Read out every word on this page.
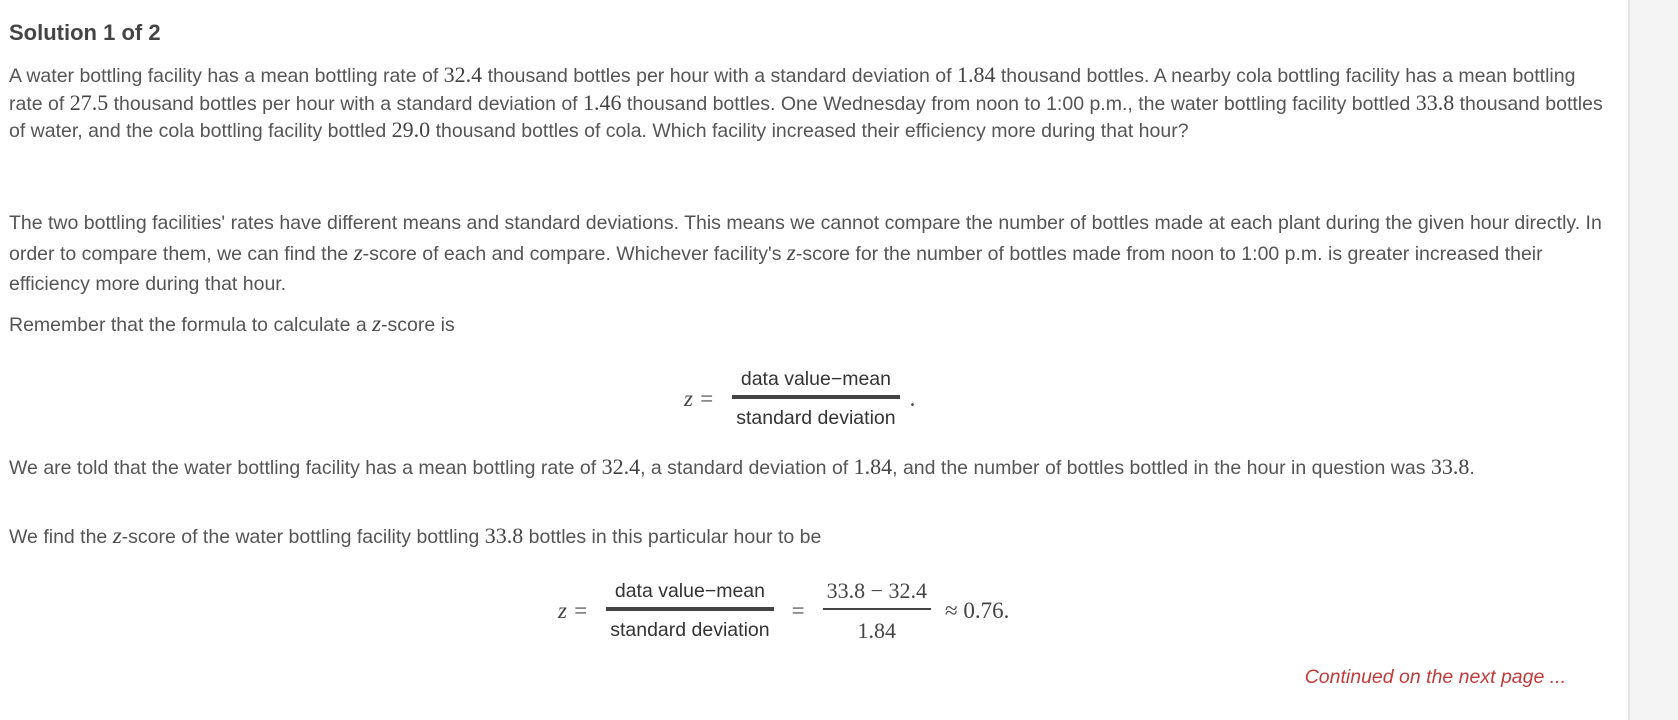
Solution 1 of 2

A water bottling facility has a mean bottling rate of 32.4 thousand bottles per hour with a standard deviation of 1.84 thousand bottles. A nearby cola bottling facility has a mean bottling rate of 27.5 thousand bottles per hour with a standard deviation of 1.46 thousand bottles. One Wednesday from noon to 1:00 p.m., the water bottling facility bottled 33.8 thousand bottles of water, and the cola bottling facility bottled 29.0 thousand bottles of cola. Which facility increased their efficiency more during that hour?

The two bottling facilities' rates have different means and standard deviations. This means we cannot compare the number of bottles made at each plant during the given hour directly. In order to compare them, we can find the z-score of each and compare. Whichever facility's z-score for the number of bottles made from noon to 1:00 p.m. is greater increased their efficiency more during that hour.

Remember that the formula to calculate a z-score is

$z = \frac{\text{data value−mean}}{\text{standard deviation}}$ .

We are told that the water bottling facility has a mean bottling rate of 32.4, a standard deviation of 1.84, and the number of bottles bottled in the hour in question was 33.8.

We find the z-score of the water bottling facility bottling 33.8 bottles in this particular hour to be

$z = \frac{\text{data value−mean}}{\text{standard deviation}} = \frac{33.8 - 32.4}{1.84} \approx 0.76$.

Continued on the next page ...
